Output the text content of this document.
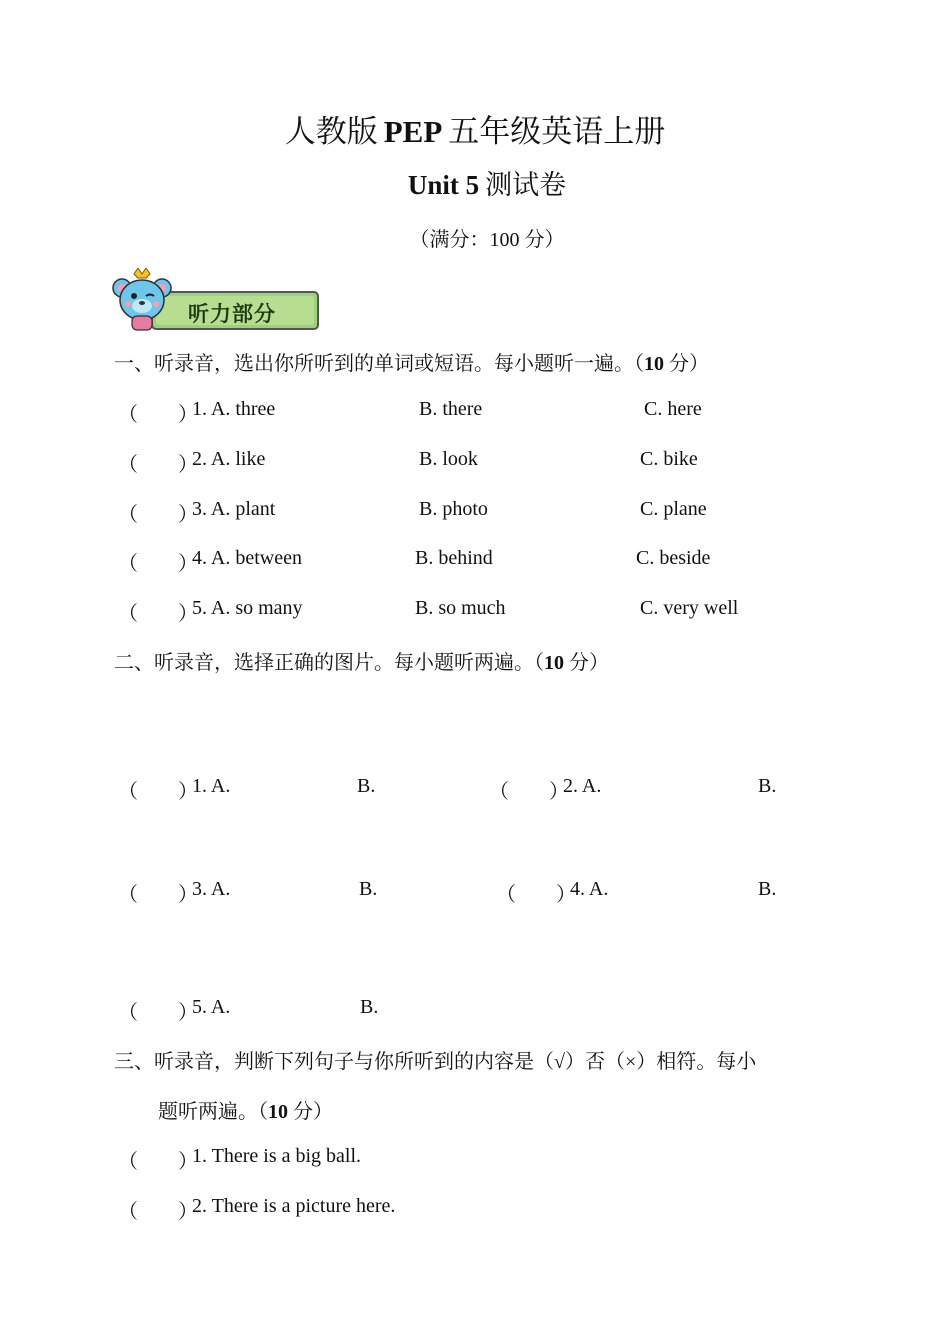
人教版 PEP 五年级英语上册
Unit 5 测试卷
（满分：100 分）
听力部分
一、听录音，选出你所听到的单词或短语。每小题听一遍。（10 分）
（　　）
1. A. three	B. there	C. here
（　　）
2. A. like	B. look	C. bike
（　　）
3. A. plant	B. photo	C. plane
（　　）
4. A. between	B. behind	C. beside
（　　）
5. A. so many	B. so much	C. very well
二、听录音，选择正确的图片。每小题听两遍。（10 分）
（　　）
1. A.	B.	（　　）
2. A.	B.
（　　）
3. A.	B.	（　　）
4. A.	B.
（　　）
5. A.	B.
三、听录音，判断下列句子与你所听到的内容是（√）否（×）相符。每小
题听两遍。（10 分）
（　　）
1. There is a big ball.
（　　）
2. There is a picture here.
